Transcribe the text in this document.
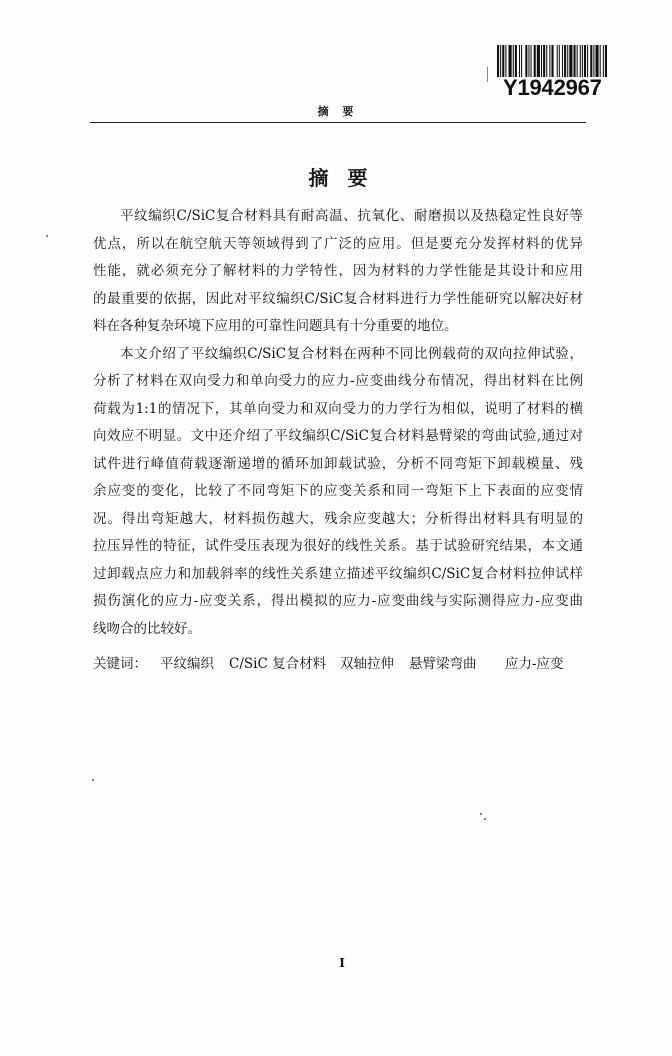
Y1942967
摘 要
摘 要
平纹编织C/SiC复合材料具有耐高温、抗氧化、耐磨损以及热稳定性良好等
优点，所以在航空航天等领域得到了广泛的应用。但是要充分发挥材料的优异
性能，就必须充分了解材料的力学特性，因为材料的力学性能是其设计和应用
的最重要的依据，因此对平纹编织C/SiC复合材料进行力学性能研究以解决好材
料在各种复杂环境下应用的可靠性问题具有十分重要的地位。
本文介绍了平纹编织C/SiC复合材料在两种不同比例载荷的双向拉伸试验，
分析了材料在双向受力和单向受力的应力-应变曲线分布情况，得出材料在比例
荷载为1:1的情况下，其单向受力和双向受力的力学行为相似，说明了材料的横
向效应不明显。文中还介绍了平纹编织C/SiC复合材料悬臂梁的弯曲试验,通过对
试件进行峰值荷载逐渐递增的循环加卸载试验，分析不同弯矩下卸载模量、残
余应变的变化，比较了不同弯矩下的应变关系和同一弯矩下上下表面的应变情
况。得出弯矩越大，材料损伤越大，残余应变越大；分析得出材料具有明显的
拉压异性的特征，试件受压表现为很好的线性关系。基于试验研究结果，本文通
过卸载点应力和加载斜率的线性关系建立描述平纹编织C/SiC复合材料拉伸试样
损伤演化的应力-应变关系，得出模拟的应力-应变曲线与实际测得应力-应变曲
线吻合的比较好。
关键词： 平纹编织 C/SiC 复合材料 双轴拉伸 悬臂梁弯曲 应力-应变
I
